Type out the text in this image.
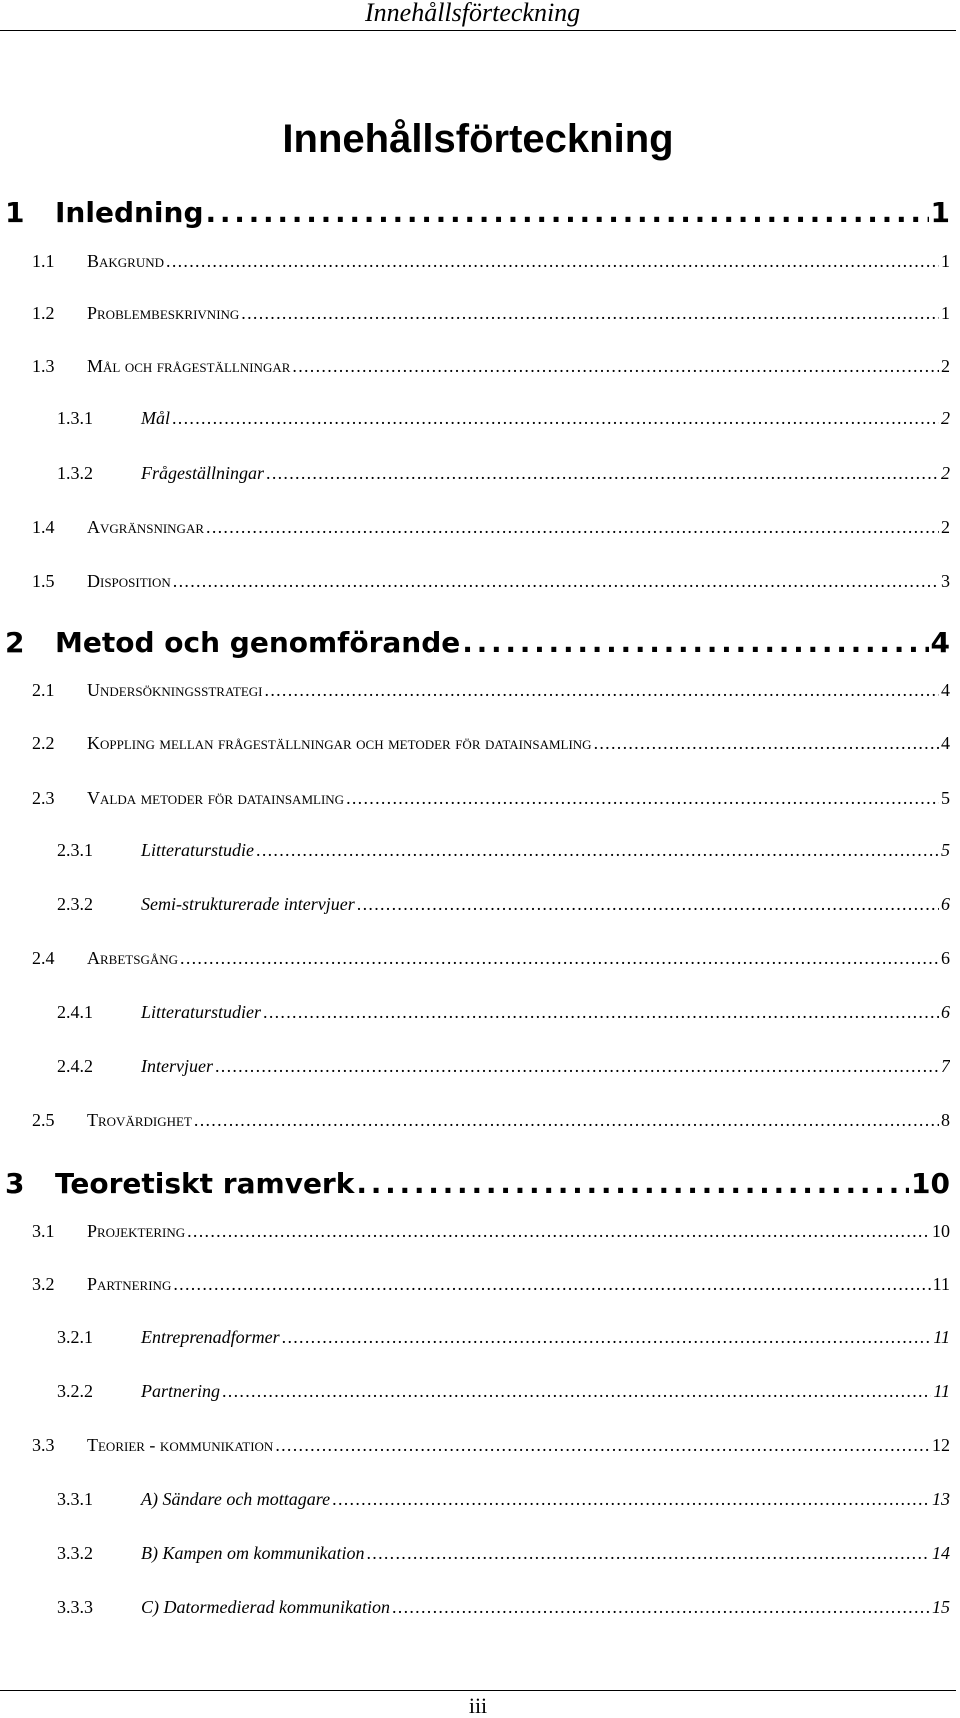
Innehållsförteckning
Innehållsförteckning
1	Inledning . . .	1
1.1	Bakgrund . . .	1
1.2	Problembeskrivning . . .	1
1.3	Mål och frågeställningar . . .	2
1.3.1	Mål . . .	2
1.3.2	Frågeställningar . . .	2
1.4	Avgränsningar . . .	2
1.5	Disposition . . .	3
2	Metod och genomförande . . .	4
2.1	Undersökningsstrategi . . .	4
2.2	Koppling mellan frågeställningar och metoder för datainsamling . . .	4
2.3	Valda metoder för datainsamling . . .	5
2.3.1	Litteraturstudie . . .	5
2.3.2	Semi-strukturerade intervjuer . . .	6
2.4	Arbetsgång . . .	6
2.4.1	Litteraturstudier . . .	6
2.4.2	Intervjuer . . .	7
2.5	Trovärdighet . . .	8
3	Teoretiskt ramverk . . .	10
3.1	Projektering . . .	10
3.2	Partnering . . .	11
3.2.1	Entreprenadformer . . .	11
3.2.2	Partnering . . .	11
3.3	Teorier - kommunikation . . .	12
3.3.1	A) Sändare och mottagare . . .	13
3.3.2	B) Kampen om kommunikation . . .	14
3.3.3	C) Datormedierad kommunikation . . .	15
iii
